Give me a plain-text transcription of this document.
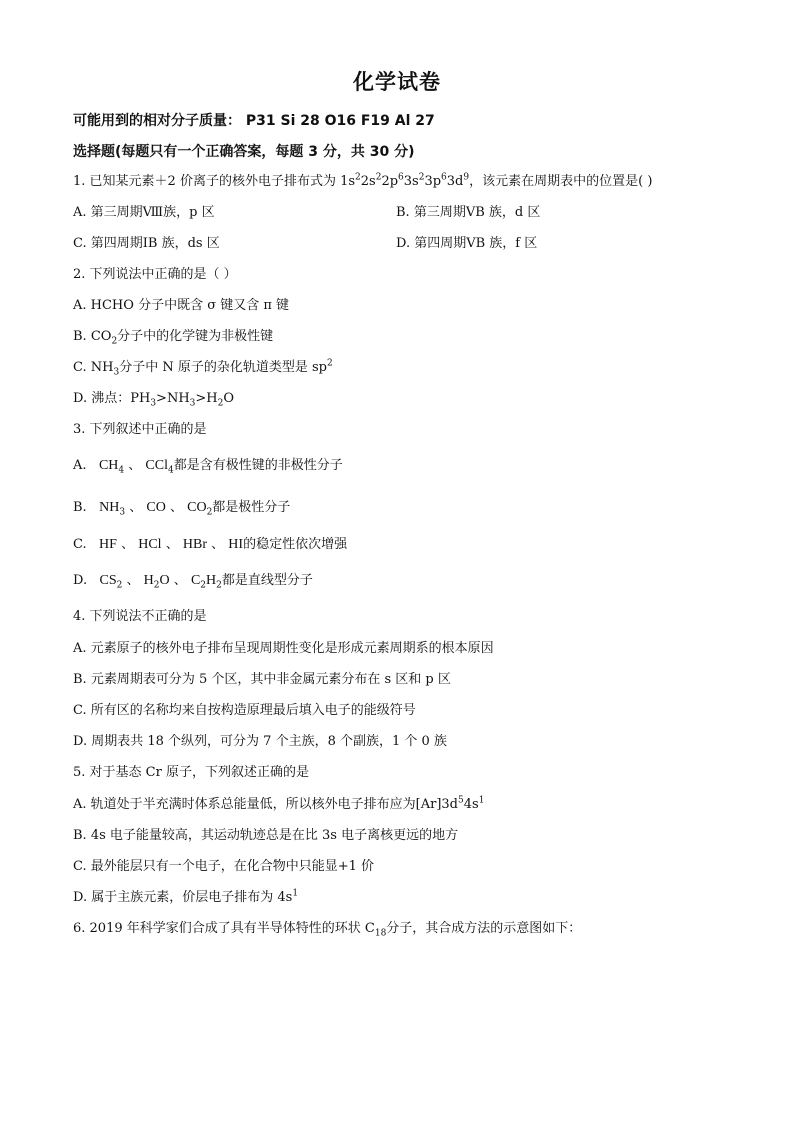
化学试卷
可能用到的相对分子质量： P31 Si 28 O16 F19 Al 27
选择题(每题只有一个正确答案，每题 3 分，共 30 分)
1. 已知某元素＋2 价离子的核外电子排布式为 $1s^22s^22p^63s^23p^63d^9$，该元素在周期表中的位置是( )
A. 第三周期Ⅷ族，p 区	B. 第三周期ⅤB 族，d 区
C. 第四周期ⅠB 族，ds 区	D. 第四周期ⅤB 族，f 区
2. 下列说法中正确的是（ ）
A. HCHO 分子中既含 σ 键又含 π 键
B. $CO_2$分子中的化学键为非极性键
C. $NH_3$分子中 N 原子的杂化轨道类型是 $sp^2$
D. 沸点：$PH_3>NH_3>H_2O$
3. 下列叙述中正确的是
A. $CH_4$ 、 CCl$_4$都是含有极性键的非极性分子
B. $NH_3$ 、 CO 、 $CO_2$都是极性分子
C. HF 、 HCl 、 HBr 、 HI的稳定性依次增强
D. $CS_2$ 、 $H_2O$ 、 $C_2H_2$都是直线型分子
4. 下列说法不正确的是
A. 元素原子的核外电子排布呈现周期性变化是形成元素周期系的根本原因
B. 元素周期表可分为 5 个区，其中非金属元素分布在 s 区和 p 区
C. 所有区的名称均来自按构造原理最后填入电子的能级符号
D. 周期表共 18 个纵列，可分为 7 个主族，8 个副族，1 个 0 族
5. 对于基态 Cr 原子，下列叙述正确的是
A. 轨道处于半充满时体系总能量低，所以核外电子排布应为$[Ar]3d^54s^1$
B. 4s 电子能量较高，其运动轨迹总是在比 3s 电子离核更远的地方
C. 最外能层只有一个电子，在化合物中只能显+1 价
D. 属于主族元素，价层电子排布为 $4s^1$
6. 2019 年科学家们合成了具有半导体特性的环状 $C_{18}$分子，其合成方法的示意图如下：
